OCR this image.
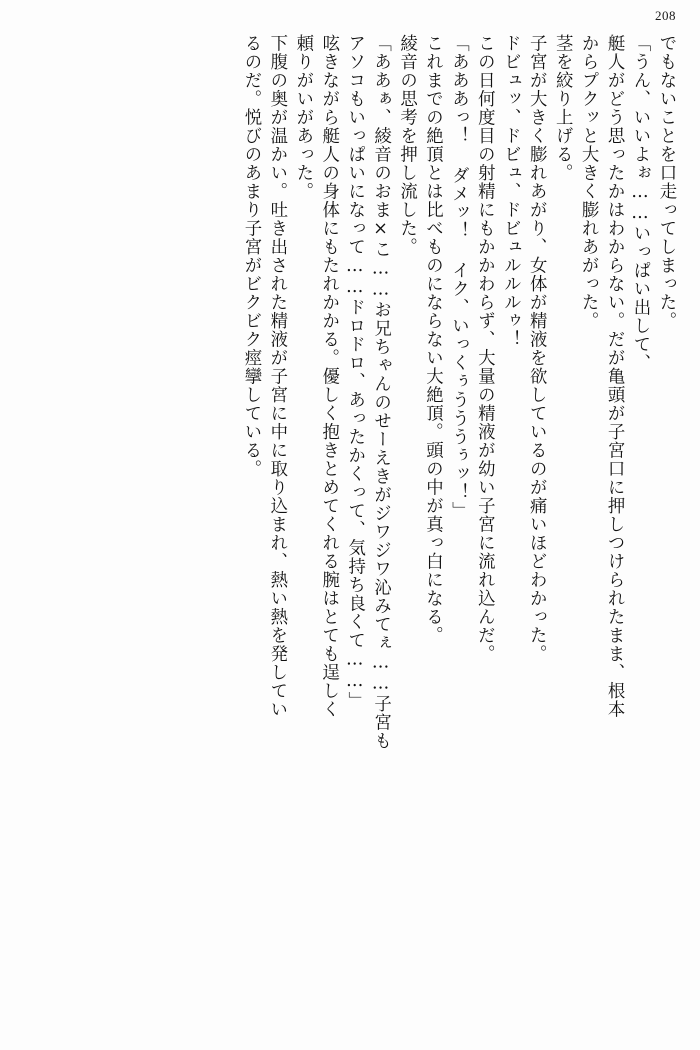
208
でもないことを口走ってしまった。
「うん、いいよぉ……いっぱい出して、
艇人がどう思ったかはわからない。だが亀頭が子宮口に押しつけられたまま、根本
からプクッと大きく膨れあがった。
茎を絞り上げる。
子宮が大きく膨れあがり、女体が精液を欲しているのが痛いほどわかった。
ドビュッ、ドビュ、ドビュルルルゥ！
この日何度目の射精にもかかわらず、大量の精液が幼い子宮に流れ込んだ。
「あああっ！ ダメッ！ イク、いっくぅうううぅッ！」
これまでの絶頂とは比べものにならない大絶頂。頭の中が真っ白になる。
綾音の思考を押し流した。
「ああぁ、綾音のおま×こ……お兄ちゃんのせーえきがジワジワ沁みてぇ……子宮も
アソコもいっぱいになって……ドロドロ、あったかくって、気持ち良くて……」
呟きながら艇人の身体にもたれかかる。優しく抱きとめてくれる腕はとても逞しく
頼りがいがあった。
下腹の奥が温かい。吐き出された精液が子宮に中に取り込まれ、熱い熱を発してい
るのだ。悦びのあまり子宮がビクビク痙攣している。
